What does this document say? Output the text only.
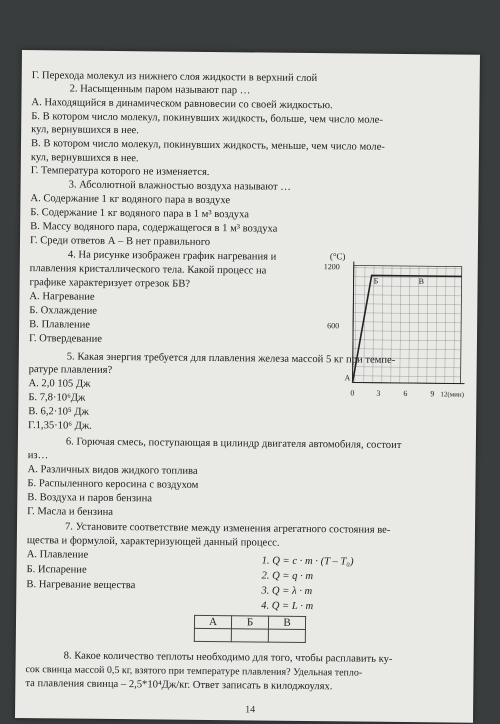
Г. Перехода молекул из нижнего слоя жидкости в верхний слой
2. Насыщенным паром называют пар …
А. Находящийся в динамическом равновесии со своей жидкостью.
Б. В котором число молекул, покинувших жидкость, больше, чем число моле-
кул, вернувшихся в нее.
В. В котором число молекул, покинувших жидкость, меньше, чем число моле-
кул, вернувшихся в нее.
Г. Температура которого не изменяется.
3. Абсолютной влажностью воздуха называют …
А. Содержание 1 кг водяного пара в воздухе
Б. Содержание 1 кг водяного пара в 1 м³ воздуха
В. Массу водяного пара, содержащегося в 1 м³ воздуха
Г. Среди ответов А – В нет правильного
4. На рисунке изображен график нагревания и
плавления кристаллического тела. Какой процесс на
графике характеризует отрезок БВ?
А. Нагревание
Б. Охлаждение
В. Плавление
Г. Отвердевание
(°C)
1200
600
0	3	6	9 12(мин)
А
Б	В
5. Какая энергия требуется для плавления железа массой 5 кг при темпе-
ратуре плавления?
А. 2,0 105 Дж
Б. 7,8·10⁶Дж
В. 6,2·10⁵ Дж
Г.1,35·10⁶ Дж.
6. Горючая смесь, поступающая в цилиндр двигателя автомобиля, состоит
из…
А. Различных видов жидкого топлива
Б. Распыленного керосина с воздухом
В. Воздуха и паров бензина
Г. Масла и бензина
7. Установите соответствие между изменения агрегатного состояния ве-
щества и формулой, характеризующей данный процесс.
А. Плавление
Б. Испарение
В. Нагревание вещества
1. Q = c · m · (T – T₀)
2. Q = q · m
3. Q = λ · m
4. Q = L · m
А	Б	В

8. Какое количество теплоты необходимо для того, чтобы расплавить ку-
сок свинца массой 0,5 кг, взятого при температуре плавления? Удельная тепло-
та плавления свинца – 2,5*10⁴Дж/кг. Ответ записать в килоджоулях.
14
